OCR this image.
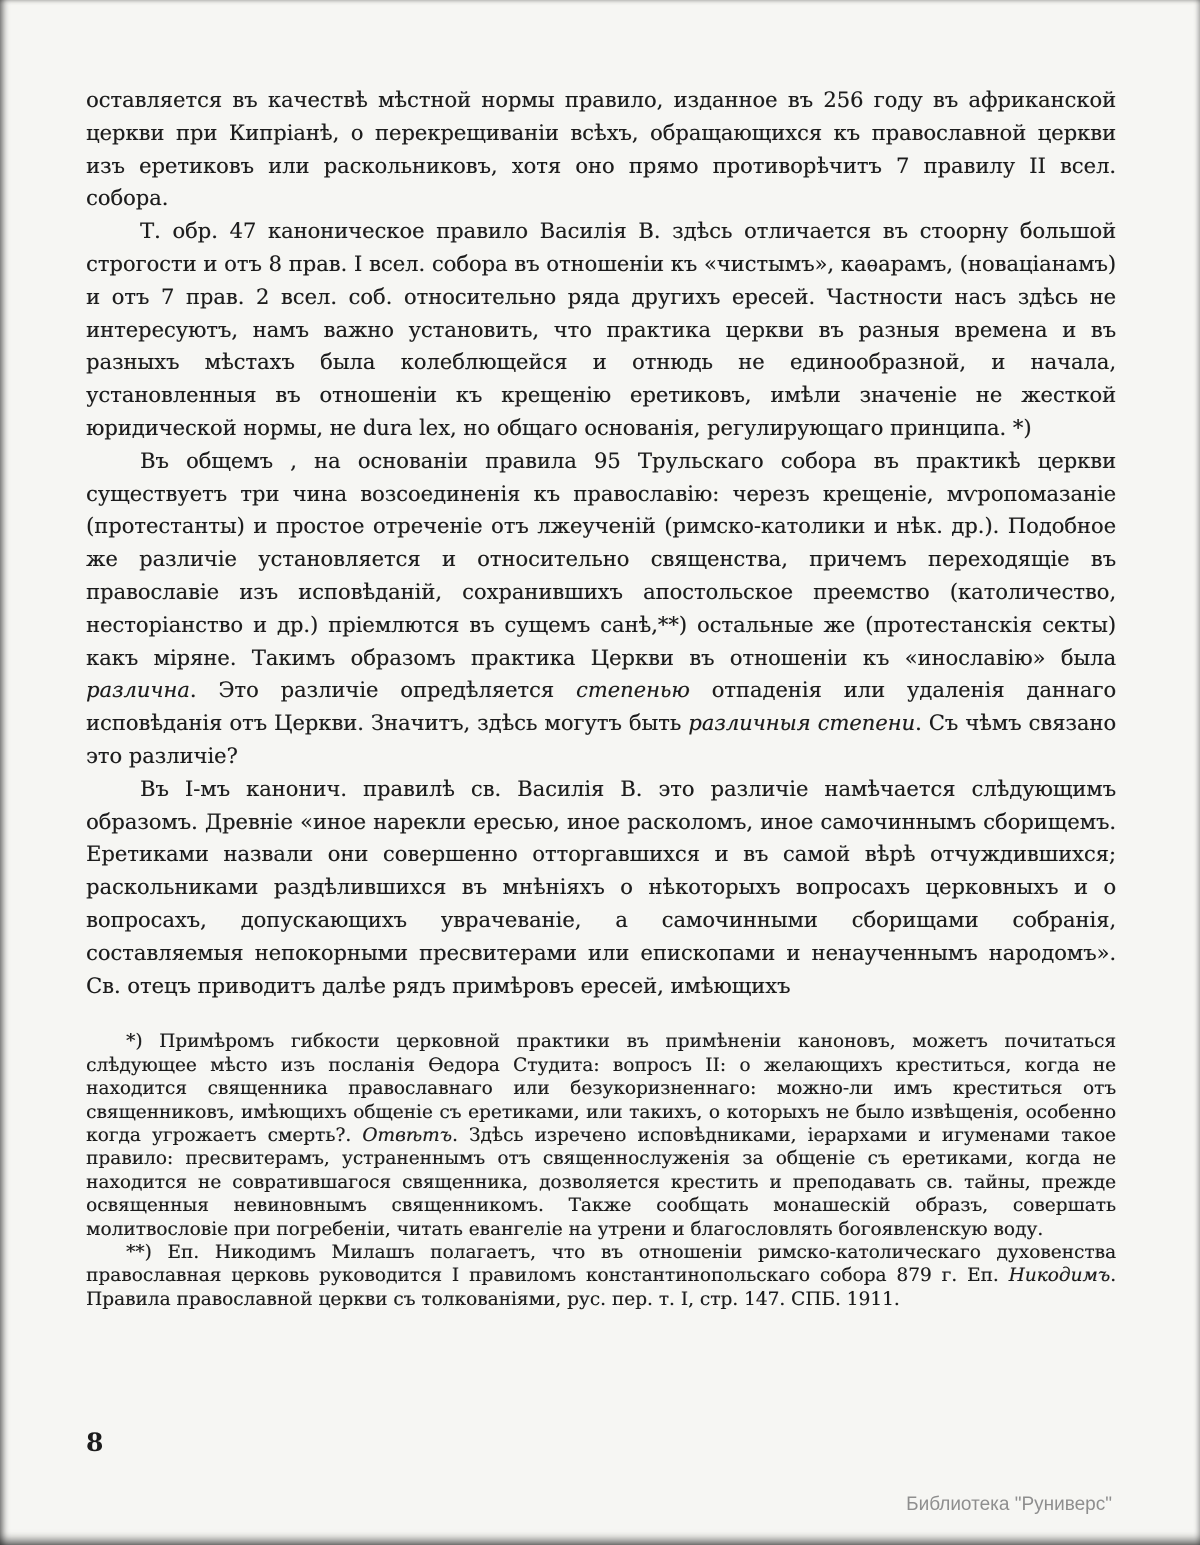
оставляется въ качествѣ мѣстной нормы правило, изданное въ 256 году въ африканской церкви при Кипріанѣ, о перекрещиваніи всѣхъ, обращающихся къ православной церкви изъ еретиковъ или раскольниковъ, хотя оно прямо противорѣчитъ 7 правилу II всел. собора.

Т. обр. 47 каноническое правило Василія В. здѣсь отличается въ стоорну большой строгости и отъ 8 прав. I всел. собора въ отношеніи къ «чистымъ», каѳарамъ, (новаціанамъ) и отъ 7 прав. 2 всел. соб. относительно ряда другихъ ересей. Частности насъ здѣсь не интересуютъ, намъ важно установить, что практика церкви въ разныя времена и въ разныхъ мѣстахъ была колеблющейся и отнюдь не единообразной, и начала, установленныя въ отношеніи къ крещенію еретиковъ, имѣли значеніе не жесткой юридической нормы, не dura lex, но общаго основанія, регулирующаго принципа. *)

Въ общемъ , на основаніи правила 95 Трульскаго собора въ практикѣ церкви существуетъ три чина возсоединенія къ православію: черезъ крещеніе, мѵропомазаніе (протестанты) и простое отреченіе отъ лжеученій (римско-католики и нѣк. др.). Подобное же различіе установляется и относительно священства, причемъ переходящіе въ православіе изъ исповѣданій, сохранившихъ апостольское преемство (католичество, несторіанство и др.) пріемлются въ сущемъ санѣ,**) остальные же (протестанскія секты) какъ міряне. Такимъ образомъ практика Церкви въ отношеніи къ «инославію» была различна. Это различіе опредѣляется степенью отпаденія или удаленія даннаго исповѣданія отъ Церкви. Значитъ, здѣсь могутъ быть различныя степени. Съ чѣмъ связано это различіе?

Въ I-мъ канонич. правилѣ св. Василія В. это различіе намѣчается слѣдующимъ образомъ. Древніе «иное нарекли ересью, иное расколомъ, иное самочиннымъ сборищемъ. Еретиками назвали они совершенно отторгавшихся и въ самой вѣрѣ отчуждившихся; раскольниками раздѣлившихся въ мнѣніяхъ о нѣкоторыхъ вопросахъ церковныхъ и о вопросахъ, допускающихъ уврачеваніе, а самочинными сборищами собранія, составляемыя непокорными пресвитерами или епископами и ненаученнымъ народомъ». Св. отецъ приводитъ далѣе рядъ примѣровъ ересей, имѣющихъ

*) Примѣромъ гибкости церковной практики въ примѣненіи каноновъ, можетъ почитаться слѣдующее мѣсто изъ посланія Ѳедора Студита: вопросъ II: о желающихъ креститься, когда не находится священника православнаго или безукоризненнаго: можно-ли имъ креститься отъ священниковъ, имѣющихъ общеніе съ еретиками, или такихъ, о которыхъ не было извѣщенія, особенно когда угрожаетъ смерть?. Отвѣтъ. Здѣсь изречено исповѣдниками, іерархами и игуменами такое правило: пресвитерамъ, устраненнымъ отъ священнослуженія за общеніе съ еретиками, когда не находится не совратившагося священника, дозволяется крестить и преподавать св. тайны, прежде освященныя невиновнымъ священникомъ. Также сообщать монашескій образъ, совершать молитвословіе при погребеніи, читать евангеліе на утрени и благословлять богоявленскую воду.

**) Еп. Никодимъ Милашъ полагаетъ, что въ отношеніи римско-католическаго духовенства православная церковь руководится I правиломъ константинопольскаго собора 879 г. Еп. Никодимъ. Правила православной церкви съ толкованіями, рус. пер. т. I, стр. 147. СПБ. 1911.

8
Библиотека "Руниверс"
